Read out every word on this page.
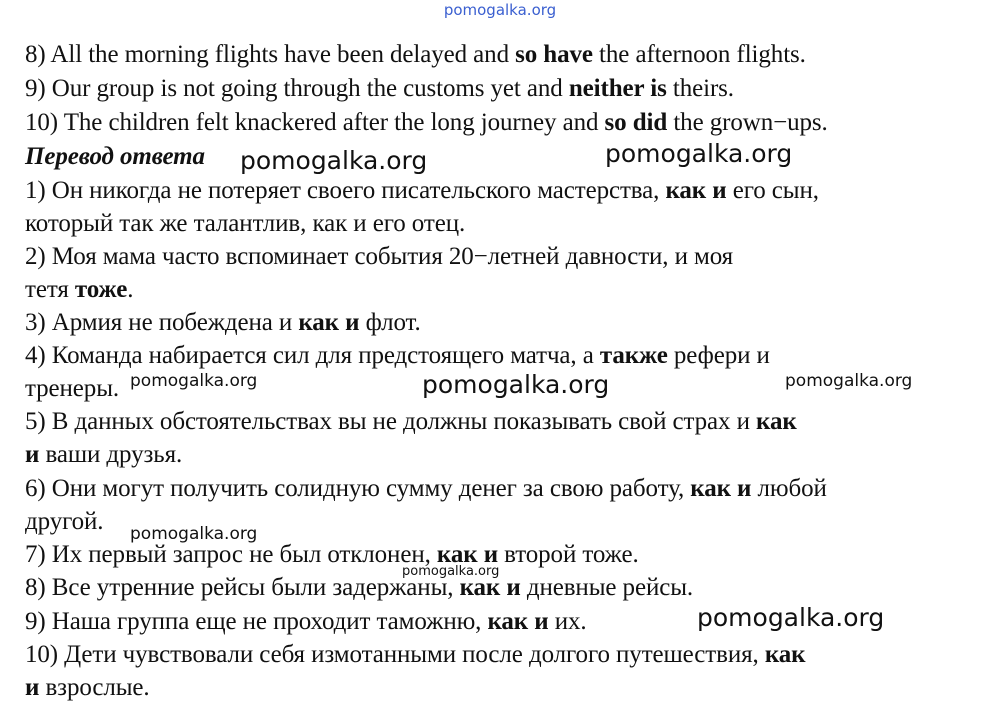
pomogalka.org
8) All the morning flights have been delayed and so have the afternoon flights.
9) Our group is not going through the customs yet and neither is theirs.
10) The children felt knackered after the long journey and so did the grown−ups.
Перевод ответа
1) Он никогда не потеряет своего писательского мастерства, как и его сын,
который так же талантлив, как и его отец.
2) Моя мама часто вспоминает события 20−летней давности, и моя
тетя тоже.
3) Армия не побеждена и как и флот.
4) Команда набирается сил для предстоящего матча, а также рефери и
тренеры.
5) В данных обстоятельствах вы не должны показывать свой страх и как
и ваши друзья.
6) Они могут получить солидную сумму денег за свою работу, как и любой
другой.
7) Их первый запрос не был отклонен, как и второй тоже.
8) Все утренние рейсы были задержаны, как и дневные рейсы.
9) Наша группа еще не проходит таможню, как и их.
10) Дети чувствовали себя измотанными после долгого путешествия, как
и взрослые.
pomogalka.org	pomogalka.org
pomogalka.org	pomogalka.org	pomogalka.org
pomogalka.org
pomogalka.org
pomogalka.org
